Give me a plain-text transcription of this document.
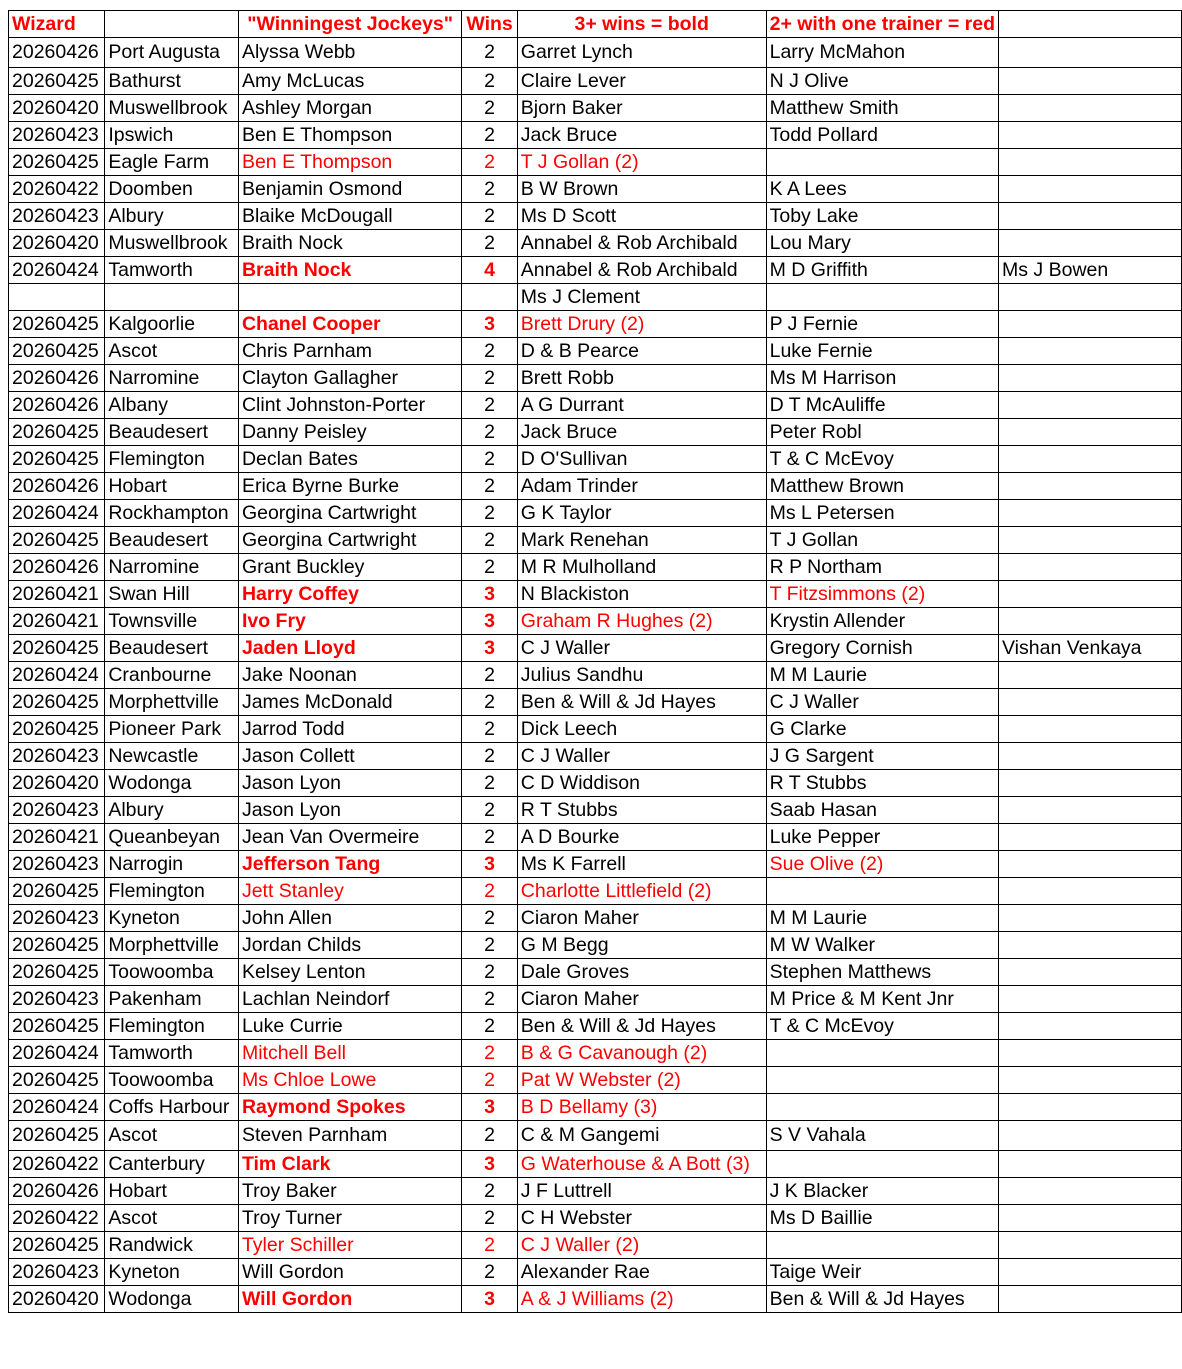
Wizard		"Winningest Jockeys"	Wins	3+ wins = bold	2+ with one trainer = red	
20260426	Port Augusta	Alyssa Webb	2	Garret Lynch	Larry McMahon	
20260425	Bathurst	Amy McLucas	2	Claire Lever	N J Olive	
20260420	Muswellbrook	Ashley Morgan	2	Bjorn Baker	Matthew Smith	
20260423	Ipswich	Ben E Thompson	2	Jack Bruce	Todd Pollard	
20260425	Eagle Farm	Ben E Thompson	2	T J Gollan (2)		
20260422	Doomben	Benjamin Osmond	2	B W Brown	K A Lees	
20260423	Albury	Blaike McDougall	2	Ms D Scott	Toby Lake	
20260420	Muswellbrook	Braith Nock	2	Annabel & Rob Archibald	Lou Mary	
20260424	Tamworth	Braith Nock	4	Annabel & Rob Archibald	M D Griffith	Ms J Bowen
				Ms J Clement		
20260425	Kalgoorlie	Chanel Cooper	3	Brett Drury (2)	P J Fernie	
20260425	Ascot	Chris Parnham	2	D & B Pearce	Luke Fernie	
20260426	Narromine	Clayton Gallagher	2	Brett Robb	Ms M Harrison	
20260426	Albany	Clint Johnston-Porter	2	A G Durrant	D T McAuliffe	
20260425	Beaudesert	Danny Peisley	2	Jack Bruce	Peter Robl	
20260425	Flemington	Declan Bates	2	D O'Sullivan	T & C McEvoy	
20260426	Hobart	Erica Byrne Burke	2	Adam Trinder	Matthew Brown	
20260424	Rockhampton	Georgina Cartwright	2	G K Taylor	Ms L Petersen	
20260425	Beaudesert	Georgina Cartwright	2	Mark Renehan	T J Gollan	
20260426	Narromine	Grant Buckley	2	M R Mulholland	R P Northam	
20260421	Swan Hill	Harry Coffey	3	N Blackiston	T Fitzsimmons (2)	
20260421	Townsville	Ivo Fry	3	Graham R Hughes (2)	Krystin Allender	
20260425	Beaudesert	Jaden Lloyd	3	C J Waller	Gregory Cornish	Vishan Venkaya
20260424	Cranbourne	Jake Noonan	2	Julius Sandhu	M M Laurie	
20260425	Morphettville	James McDonald	2	Ben & Will & Jd Hayes	C J Waller	
20260425	Pioneer Park	Jarrod Todd	2	Dick Leech	G Clarke	
20260423	Newcastle	Jason Collett	2	C J Waller	J G Sargent	
20260420	Wodonga	Jason Lyon	2	C D Widdison	R T Stubbs	
20260423	Albury	Jason Lyon	2	R T Stubbs	Saab Hasan	
20260421	Queanbeyan	Jean Van Overmeire	2	A D Bourke	Luke Pepper	
20260423	Narrogin	Jefferson Tang	3	Ms K Farrell	Sue Olive (2)	
20260425	Flemington	Jett Stanley	2	Charlotte Littlefield (2)		
20260423	Kyneton	John Allen	2	Ciaron Maher	M M Laurie	
20260425	Morphettville	Jordan Childs	2	G M Begg	M W Walker	
20260425	Toowoomba	Kelsey Lenton	2	Dale Groves	Stephen Matthews	
20260423	Pakenham	Lachlan Neindorf	2	Ciaron Maher	M Price & M Kent Jnr	
20260425	Flemington	Luke Currie	2	Ben & Will & Jd Hayes	T & C McEvoy	
20260424	Tamworth	Mitchell Bell	2	B & G Cavanough (2)		
20260425	Toowoomba	Ms Chloe Lowe	2	Pat W Webster (2)		
20260424	Coffs Harbour	Raymond Spokes	3	B D Bellamy (3)		
20260425	Ascot	Steven Parnham	2	C & M Gangemi	S V Vahala	
20260422	Canterbury	Tim Clark	3	G Waterhouse & A Bott (3)		
20260426	Hobart	Troy Baker	2	J F Luttrell	J K Blacker	
20260422	Ascot	Troy Turner	2	C H Webster	Ms D Baillie	
20260425	Randwick	Tyler Schiller	2	C J Waller (2)		
20260423	Kyneton	Will Gordon	2	Alexander Rae	Taige Weir	
20260420	Wodonga	Will Gordon	3	A & J Williams (2)	Ben & Will & Jd Hayes	
